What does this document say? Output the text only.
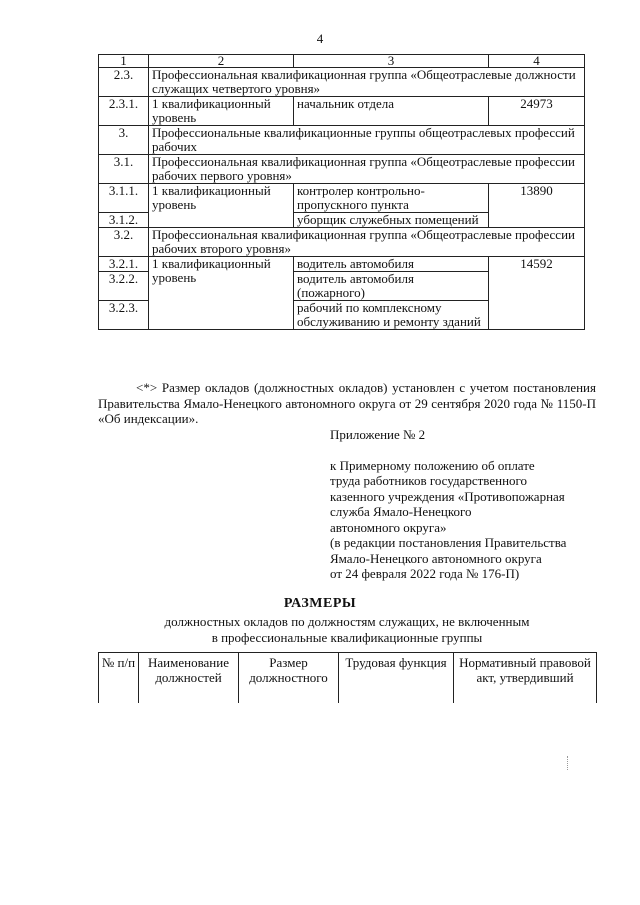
4
1	2	3	4
2.3.	Профессиональная квалификационная группа «Общеотраслевые должности служащих четвертого уровня»		
2.3.1.	1 квалификационный уровень	начальник отдела	24973
3.	Профессиональные квалификационные группы общеотраслевых профессий рабочих		
3.1.	Профессиональная квалификационная группа «Общеотраслевые профессии рабочих первого уровня»		
3.1.1.	1 квалификационный уровень	контролер контрольно-пропускного пункта	13890
3.1.2.		уборщик служебных помещений	
3.2.	Профессиональная квалификационная группа «Общеотраслевые профессии рабочих второго уровня»		
3.2.1.	1 квалификационный уровень	водитель автомобиля	14592
3.2.2.		водитель автомобиля (пожарного)	
3.2.3.		рабочий по комплексному обслуживанию и ремонту зданий	
<*> Размер окладов (должностных окладов) установлен с учетом постановления Правительства Ямало-Ненецкого автономного округа от 29 сентября 2020 года № 1150-П «Об индексации».
Приложение № 2
к Примерному положению об оплате
труда работников государственного
казенного учреждения «Противопожарная
служба Ямало-Ненецкого
автономного округа»
(в редакции постановления Правительства
Ямало-Ненецкого автономного округа
от 24 февраля 2022 года № 176-П)
РАЗМЕРЫ
должностных окладов по должностям служащих, не включенным
в профессиональные квалификационные группы
№ п/п	Наименование должностей	Размер должностного	Трудовая функция	Нормативный правовой акт, утвердивший
